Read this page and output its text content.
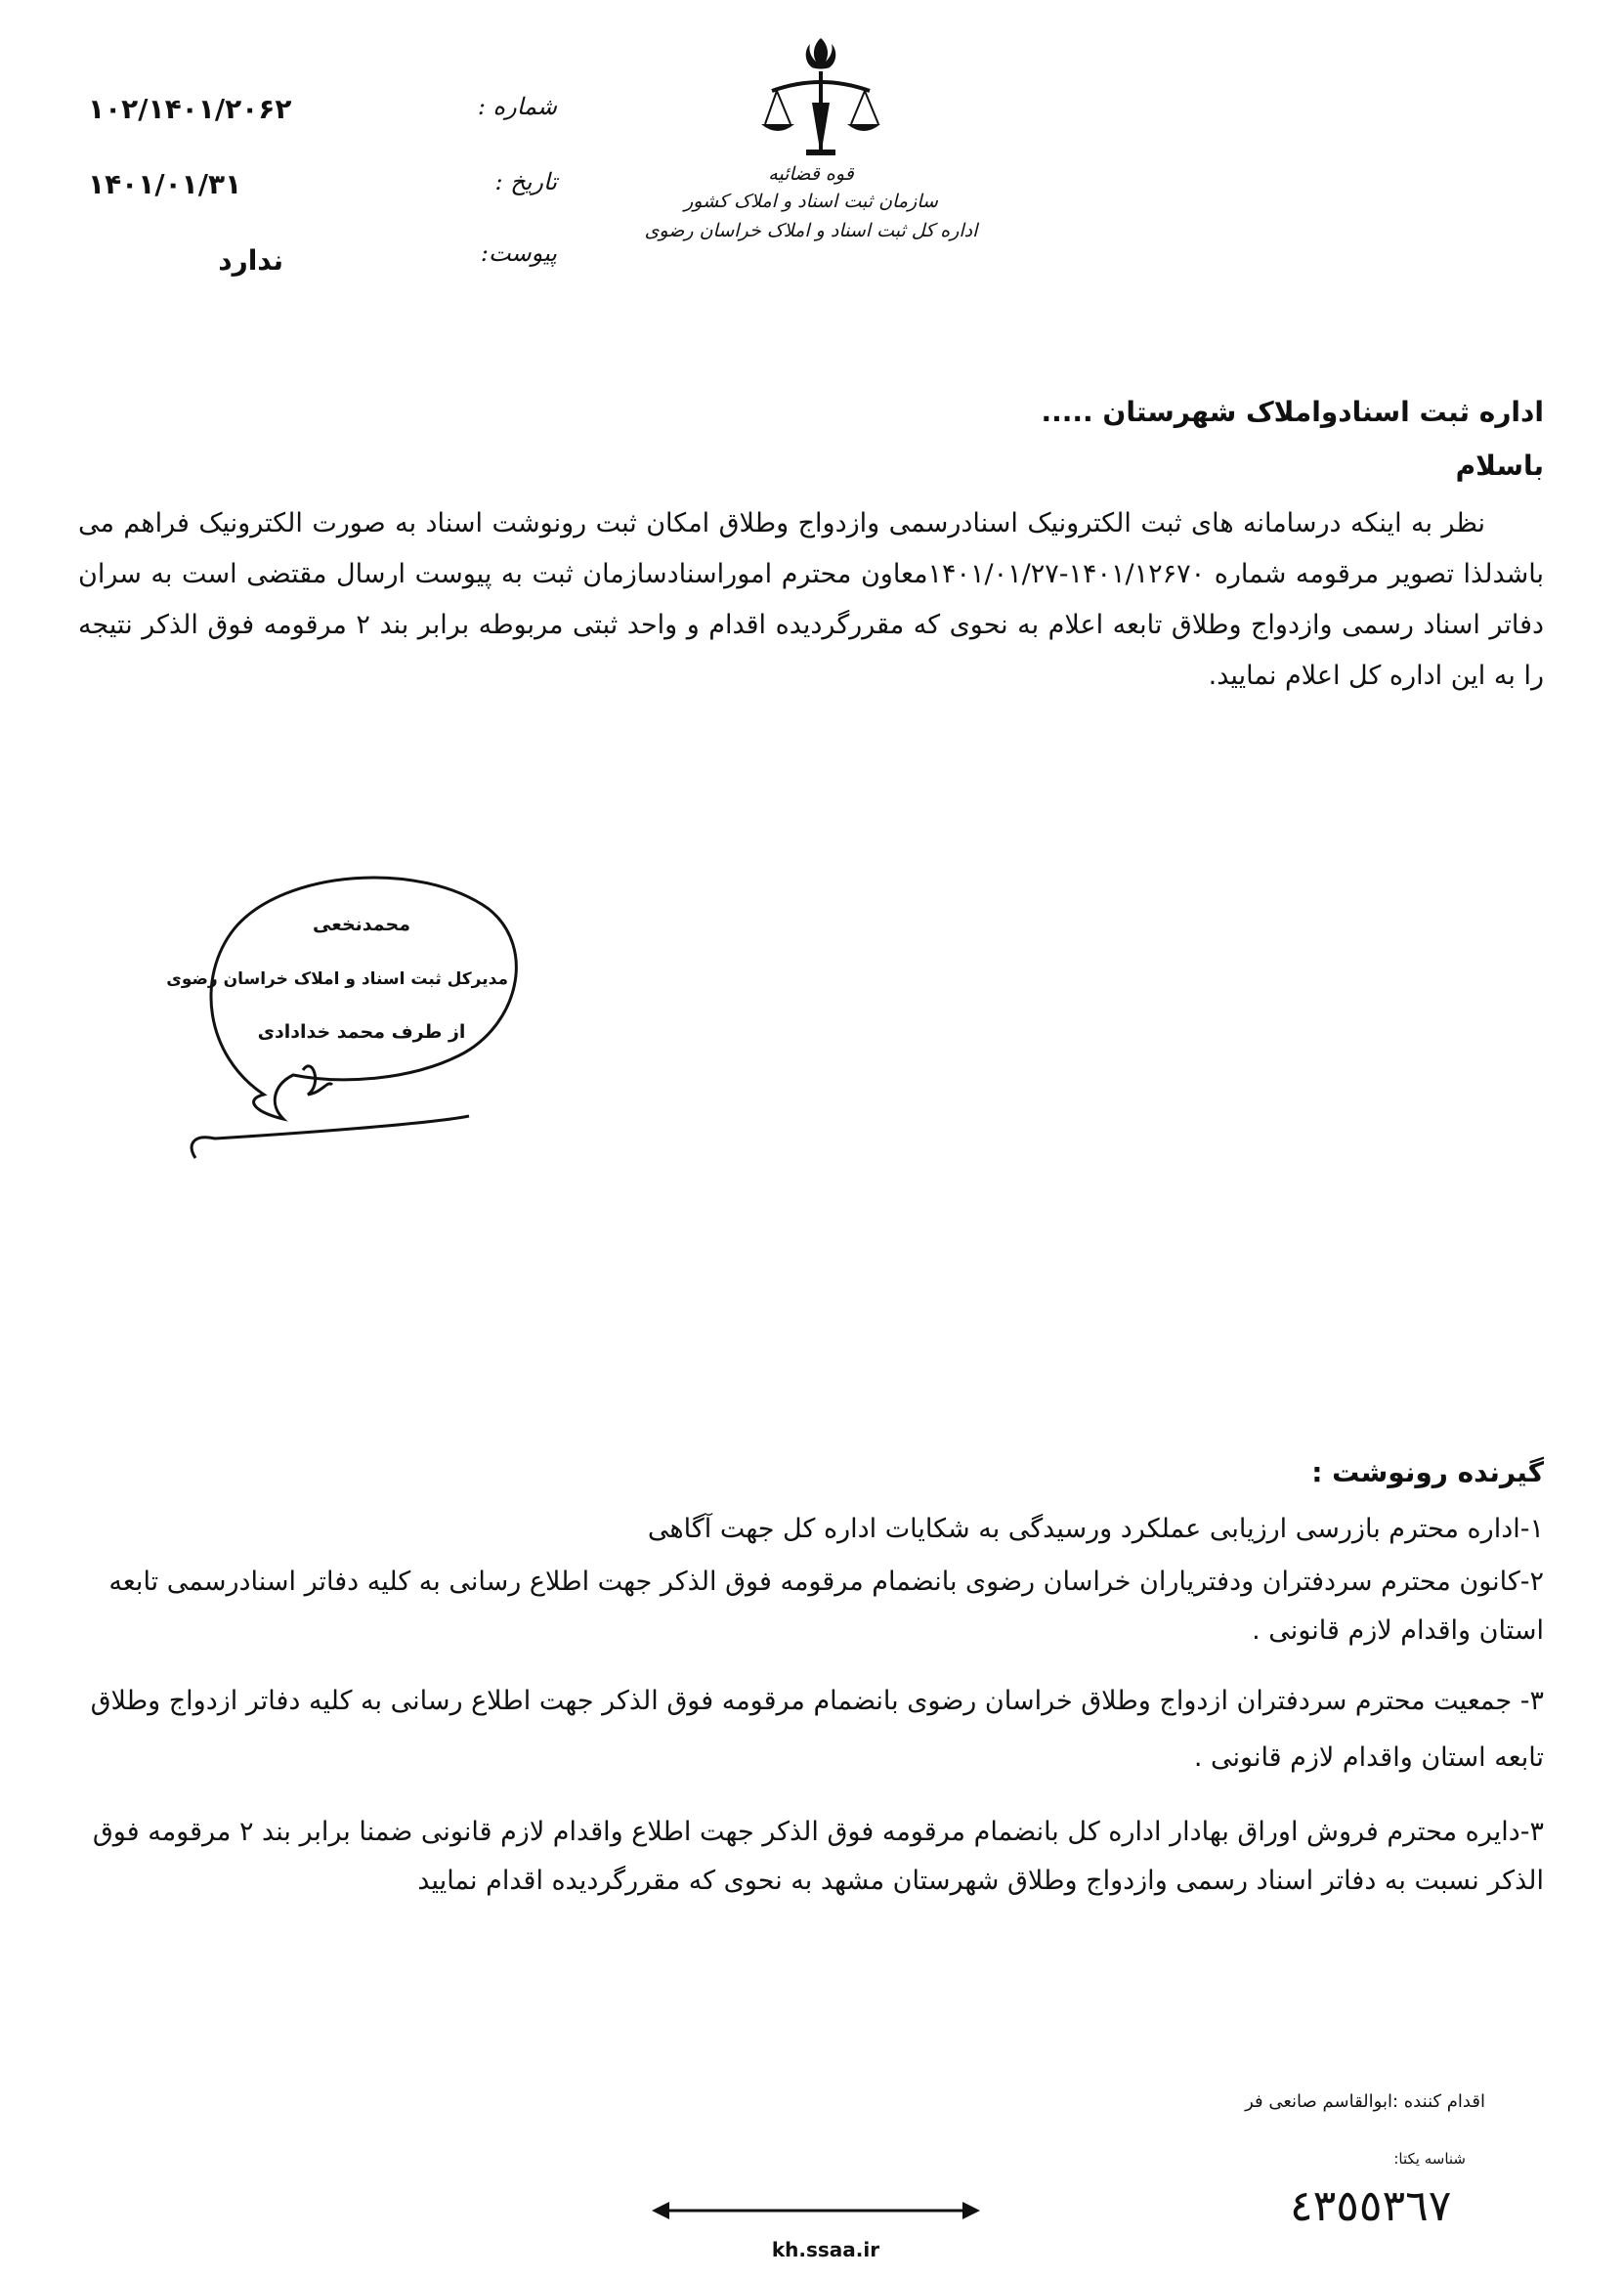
قوه قضائیه
سازمان ثبت اسناد و املاک کشور
اداره کل ثبت اسناد و املاک خراسان رضوی
شماره :
۱۰۲/۱۴۰۱/۲۰۶۲
تاریخ :
۱۴۰۱/۰۱/۳۱
پیوست:
ندارد
اداره ثبت اسنادواملاک شهرستان .....
باسلام
نظر به اینکه درسامانه های ثبت الکترونیک اسنادرسمی وازدواج وطلاق امکان ثبت رونوشت اسناد به صورت الکترونیک فراهم می باشدلذا تصویر مرقومه شماره ۱۴۰۱/۱۲۶۷۰-۱۴۰۱/۰۱/۲۷معاون محترم اموراسنادسازمان ثبت به پیوست ارسال مقتضی است به سران دفاتر اسناد رسمی وازدواج وطلاق تابعه اعلام به نحوی که مقررگردیده اقدام و واحد ثبتی مربوطه برابر بند ۲ مرقومه فوق الذکر نتیجه را به این اداره کل اعلام نمایید.
محمدنخعی
مدیرکل ثبت اسناد و املاک خراسان رضوی
از طرف محمد خدادادی
گیرنده رونوشت :
۱-اداره محترم بازرسی ارزیابی عملکرد ورسیدگی به شکایات اداره کل جهت آگاهی
۲-کانون محترم سردفتران ودفتریاران خراسان رضوی بانضمام مرقومه فوق الذکر جهت اطلاع رسانی به کلیه دفاتر اسنادرسمی تابعه استان واقدام لازم قانونی .
۳- جمعیت محترم سردفتران ازدواج وطلاق خراسان رضوی بانضمام مرقومه فوق الذکر جهت اطلاع رسانی به کلیه دفاتر ازدواج وطلاق تابعه استان واقدام لازم قانونی .
۳-دایره محترم فروش اوراق بهادار اداره کل بانضمام مرقومه فوق الذکر جهت اطلاع واقدام لازم قانونی ضمنا برابر بند ۲ مرقومه فوق الذکر نسبت به دفاتر اسناد رسمی وازدواج وطلاق شهرستان مشهد به نحوی که مقررگردیده اقدام نمایید
اقدام کننده :ابوالقاسم صانعی فر
شناسه یکتا:
٤٣٥٥٣٦٧
kh.ssaa.ir
